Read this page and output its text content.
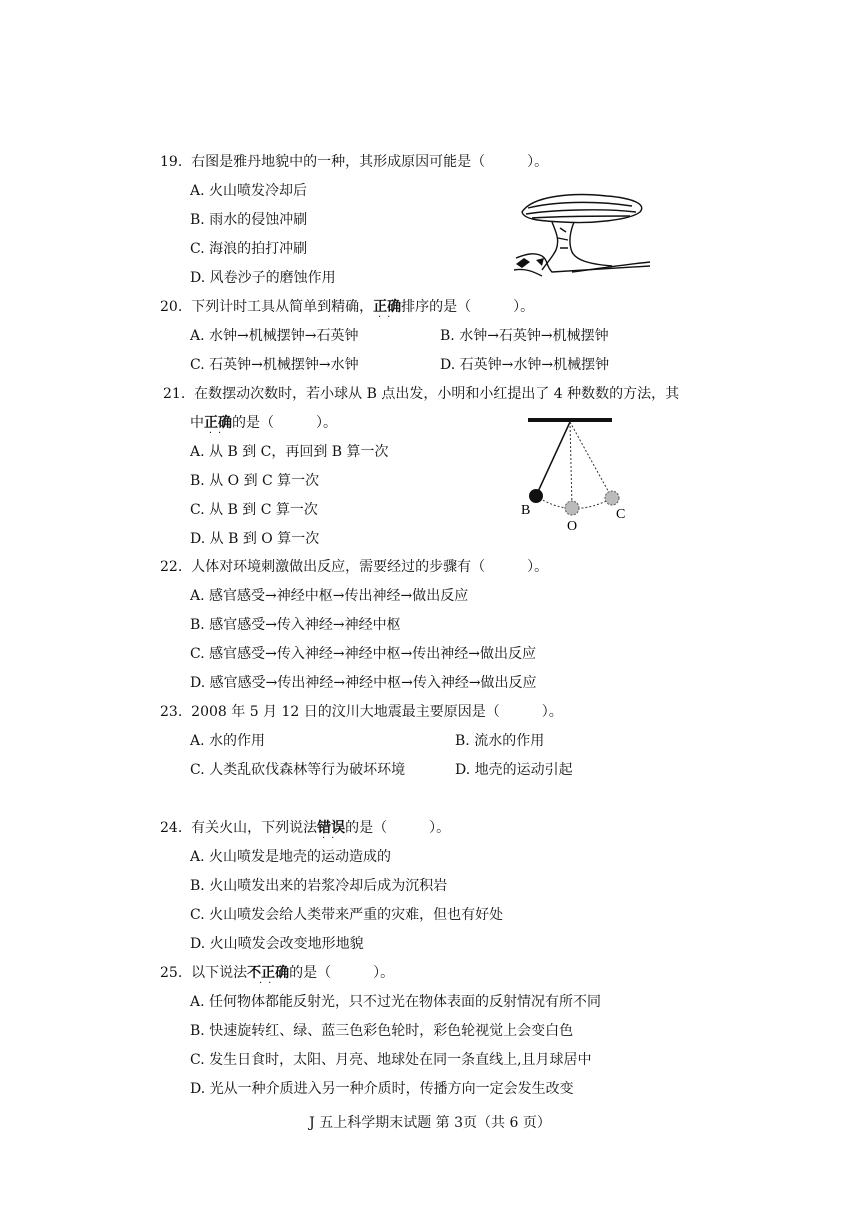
19. 右图是雅丹地貌中的一种，其形成原因可能是（　　　）。
A. 火山喷发冷却后
B. 雨水的侵蚀冲刷
C. 海浪的拍打冲刷
D. 风卷沙子的磨蚀作用
20. 下列计时工具从简单到精确，正确
··
排序的是（　　　）。
A. 水钟→机械摆钟→石英钟	B. 水钟→石英钟→机械摆钟
C. 石英钟→机械摆钟→水钟	D. 石英钟→水钟→机械摆钟
21. 在数摆动次数时，若小球从 B 点出发，小明和小红提出了 4 种数数的方法，其
中正确
··
的是（　　　）。
A. 从 B 到 C，再回到 B 算一次
B. 从 O 到 C 算一次
C. 从 B 到 C 算一次
D. 从 B 到 O 算一次
B
O
C
22. 人体对环境刺激做出反应，需要经过的步骤有（　　　）。
A. 感官感受→神经中枢→传出神经→做出反应
B. 感官感受→传入神经→神经中枢
C. 感官感受→传入神经→神经中枢→传出神经→做出反应
D. 感官感受→传出神经→神经中枢→传入神经→做出反应
23. 2008 年 5 月 12 日的汶川大地震最主要原因是（　　　）。
A. 水的作用	B. 流水的作用
C. 人类乱砍伐森林等行为破坏环境	D. 地壳的运动引起
24. 有关火山，下列说法错误
··
的是（　　　）。
A. 火山喷发是地壳的运动造成的
B. 火山喷发出来的岩浆冷却后成为沉积岩
C. 火山喷发会给人类带来严重的灾难，但也有好处
D. 火山喷发会改变地形地貌
25. 以下说法不正确
··
的是（　　　）。
A. 任何物体都能反射光，只不过光在物体表面的反射情况有所不同
B. 快速旋转红、绿、蓝三色彩色轮时，彩色轮视觉上会变白色
C. 发生日食时，太阳、月亮、地球处在同一条直线上,且月球居中
D. 光从一种介质进入另一种介质时，传播方向一定会发生改变
J 五上科学期末试题 第 3页（共 6 页）
